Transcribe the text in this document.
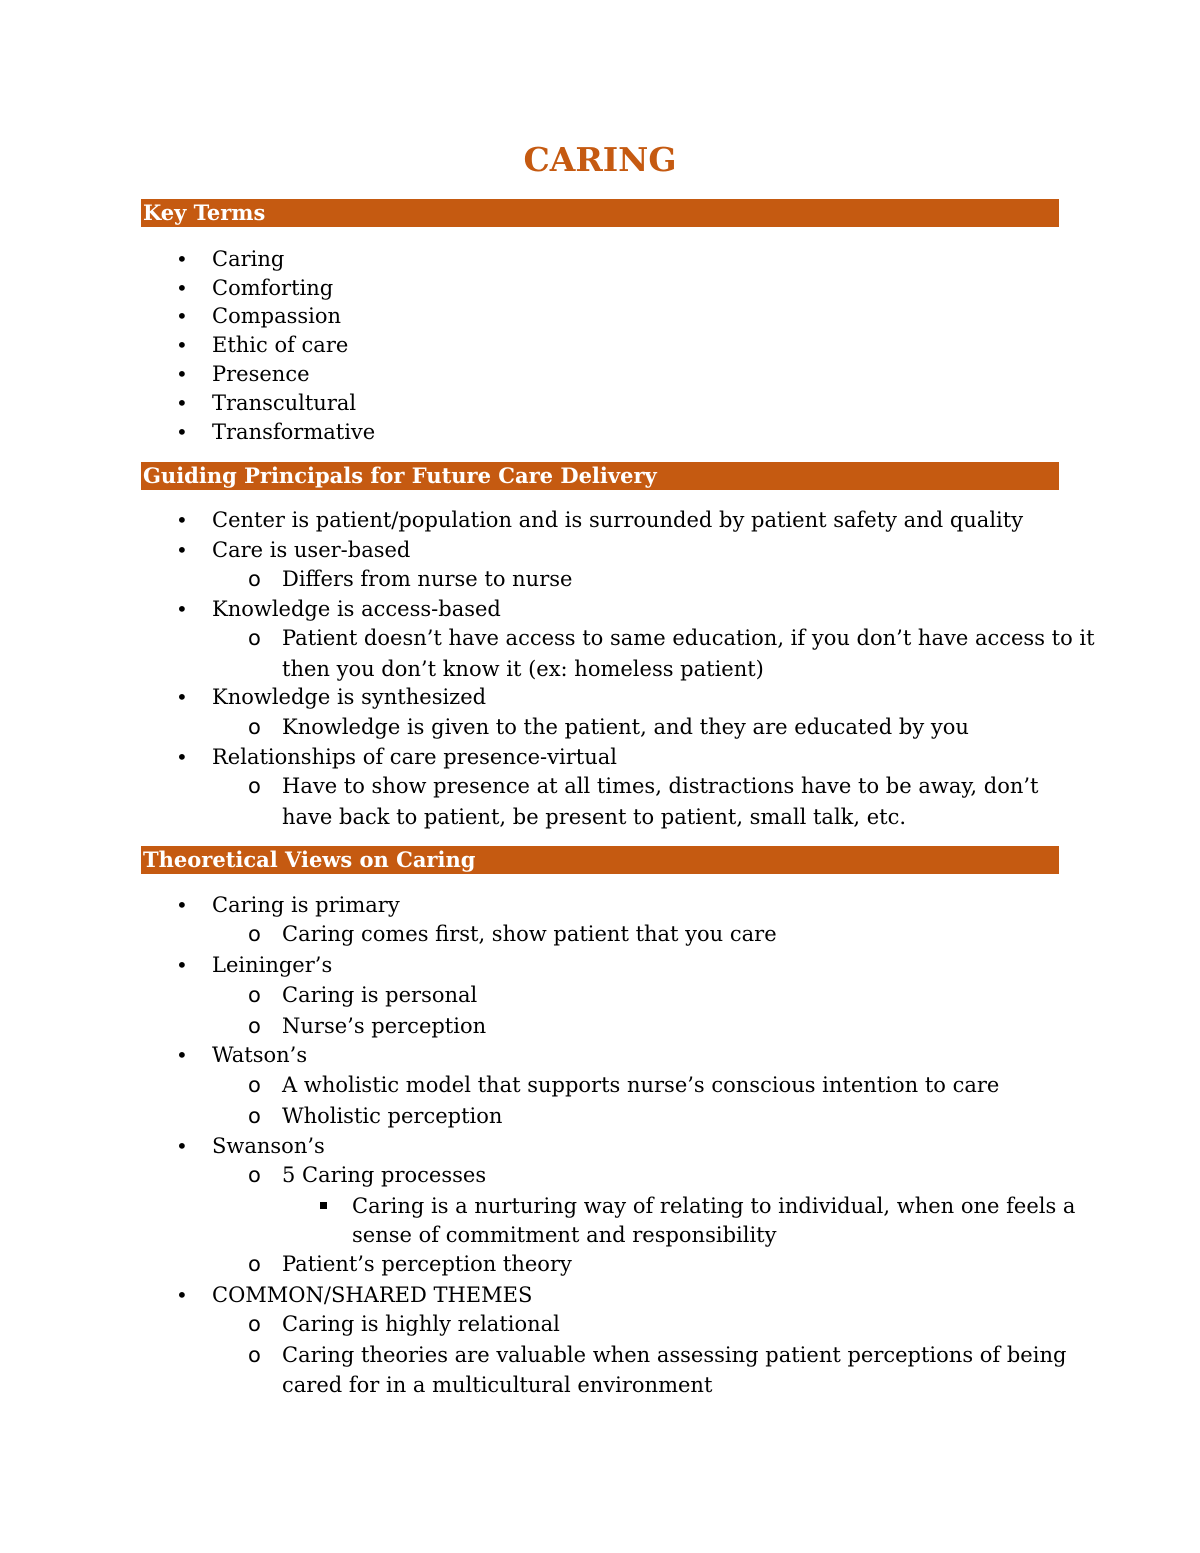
CARING
Key Terms
• Caring
• Comforting
• Compassion
• Ethic of care
• Presence
• Transcultural
• Transformative
Guiding Principals for Future Care Delivery
• Center is patient/population and is surrounded by patient safety and quality
• Care is user-based
o Differs from nurse to nurse
• Knowledge is access-based
o Patient doesn’t have access to same education, if you don’t have access to it
then you don’t know it (ex: homeless patient)
• Knowledge is synthesized
o Knowledge is given to the patient, and they are educated by you
• Relationships of care presence-virtual
o Have to show presence at all times, distractions have to be away, don’t
have back to patient, be present to patient, small talk, etc.
Theoretical Views on Caring
• Caring is primary
o Caring comes first, show patient that you care
• Leininger’s
o Caring is personal
o Nurse’s perception
• Watson’s
o A wholistic model that supports nurse’s conscious intention to care
o Wholistic perception
• Swanson’s
o 5 Caring processes
Caring is a nurturing way of relating to individual, when one feels a
sense of commitment and responsibility
o Patient’s perception theory
• COMMON/SHARED THEMES
o Caring is highly relational
o Caring theories are valuable when assessing patient perceptions of being
cared for in a multicultural environment
